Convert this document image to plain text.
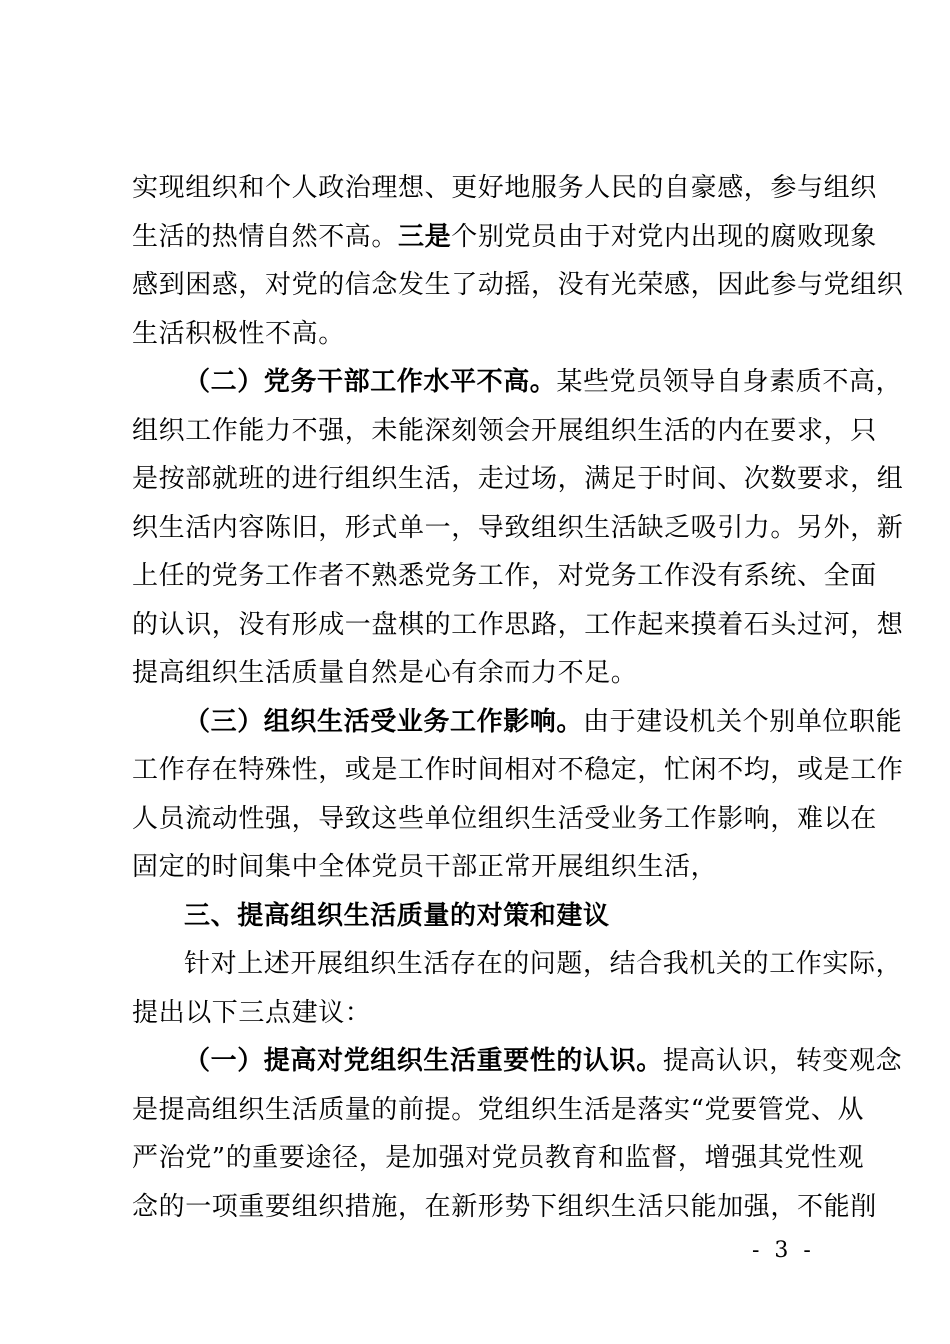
实现组织和个人政治理想、更好地服务人民的自豪感，参与组织
生活的热情自然不高。三是个别党员由于对党内出现的腐败现象
感到困惑，对党的信念发生了动摇，没有光荣感，因此参与党组织
生活积极性不高。
（二）党务干部工作水平不高。某些党员领导自身素质不高，
组织工作能力不强，未能深刻领会开展组织生活的内在要求，只
是按部就班的进行组织生活，走过场，满足于时间、次数要求，组
织生活内容陈旧，形式单一，导致组织生活缺乏吸引力。另外，新
上任的党务工作者不熟悉党务工作，对党务工作没有系统、全面
的认识，没有形成一盘棋的工作思路，工作起来摸着石头过河，想
提高组织生活质量自然是心有余而力不足。
（三）组织生活受业务工作影响。由于建设机关个别单位职能
工作存在特殊性，或是工作时间相对不稳定，忙闲不均，或是工作
人员流动性强，导致这些单位组织生活受业务工作影响，难以在
固定的时间集中全体党员干部正常开展组织生活，
三、提高组织生活质量的对策和建议
针对上述开展组织生活存在的问题，结合我机关的工作实际，
提出以下三点建议：
（一）提高对党组织生活重要性的认识。提高认识，转变观念
是提高组织生活质量的前提。党组织生活是落实“党要管党、从
严治党”的重要途径，是加强对党员教育和监督，增强其党性观
念的一项重要组织措施，在新形势下组织生活只能加强，不能削
- 3 -
